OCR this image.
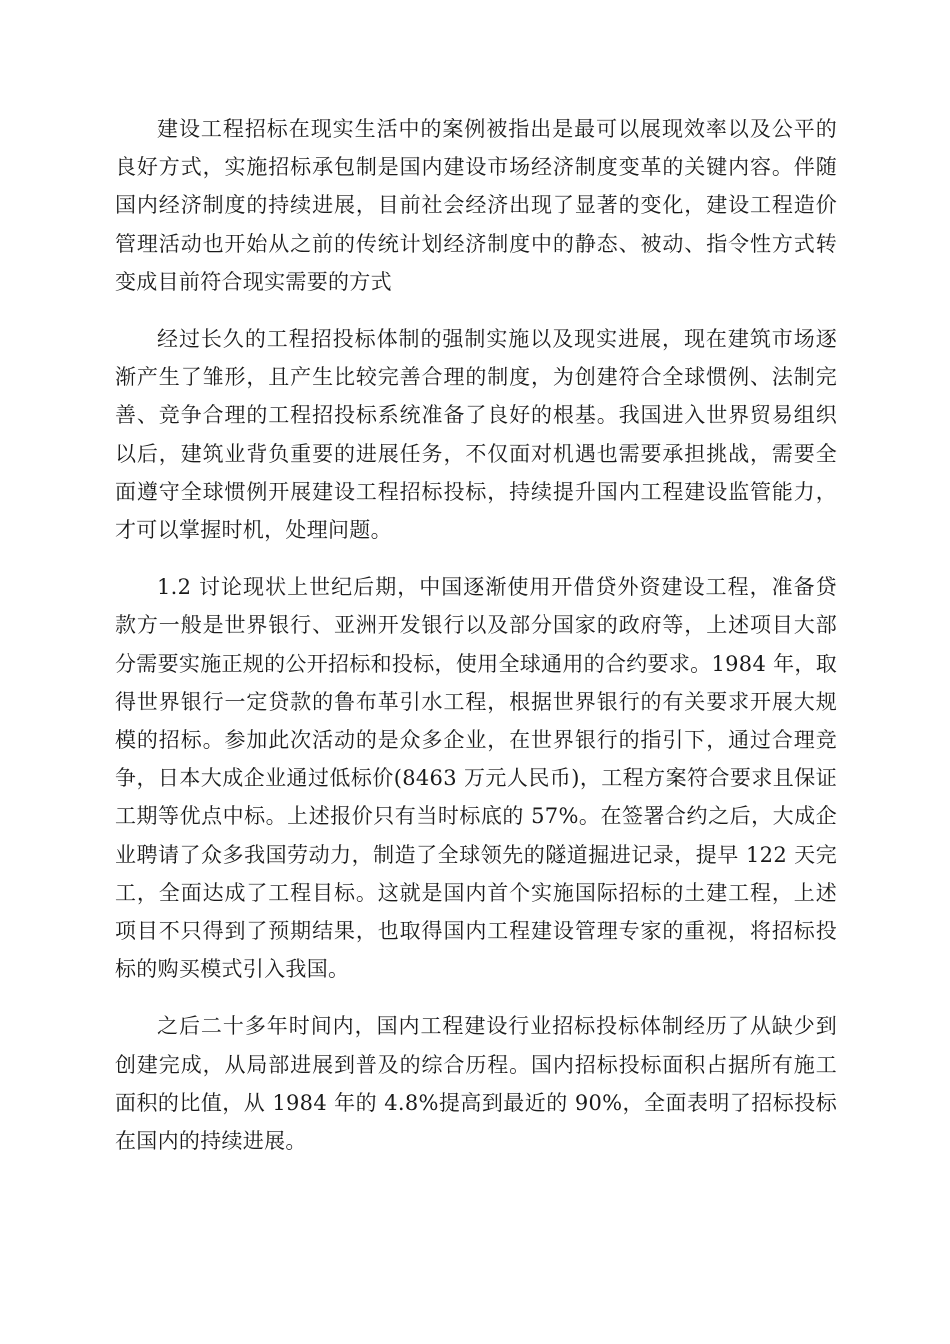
建设工程招标在现实生活中的案例被指出是最可以展现效率以及公平的良好方式，实施招标承包制是国内建设市场经济制度变革的关键内容。伴随国内经济制度的持续进展，目前社会经济出现了显著的变化，建设工程造价管理活动也开始从之前的传统计划经济制度中的静态、被动、指令性方式转变成目前符合现实需要的方式

经过长久的工程招投标体制的强制实施以及现实进展，现在建筑市场逐渐产生了雏形，且产生比较完善合理的制度，为创建符合全球惯例、法制完善、竞争合理的工程招投标系统准备了良好的根基。我国进入世界贸易组织以后，建筑业背负重要的进展任务，不仅面对机遇也需要承担挑战，需要全面遵守全球惯例开展建设工程招标投标，持续提升国内工程建设监管能力，才可以掌握时机，处理问题。

1.2 讨论现状上世纪后期，中国逐渐使用开借贷外资建设工程，准备贷款方一般是世界银行、亚洲开发银行以及部分国家的政府等，上述项目大部分需要实施正规的公开招标和投标，使用全球通用的合约要求。1984 年，取得世界银行一定贷款的鲁布革引水工程，根据世界银行的有关要求开展大规模的招标。参加此次活动的是众多企业，在世界银行的指引下，通过合理竞争，日本大成企业通过低标价(8463 万元人民币)，工程方案符合要求且保证工期等优点中标。上述报价只有当时标底的 57%。在签署合约之后，大成企业聘请了众多我国劳动力，制造了全球领先的隧道掘进记录，提早 122 天完工，全面达成了工程目标。这就是国内首个实施国际招标的土建工程，上述项目不只得到了预期结果，也取得国内工程建设管理专家的重视，将招标投标的购买模式引入我国。

之后二十多年时间内，国内工程建设行业招标投标体制经历了从缺少到创建完成，从局部进展到普及的综合历程。国内招标投标面积占据所有施工面积的比值，从 1984 年的 4.8%提高到最近的 90%，全面表明了招标投标在国内的持续进展。
